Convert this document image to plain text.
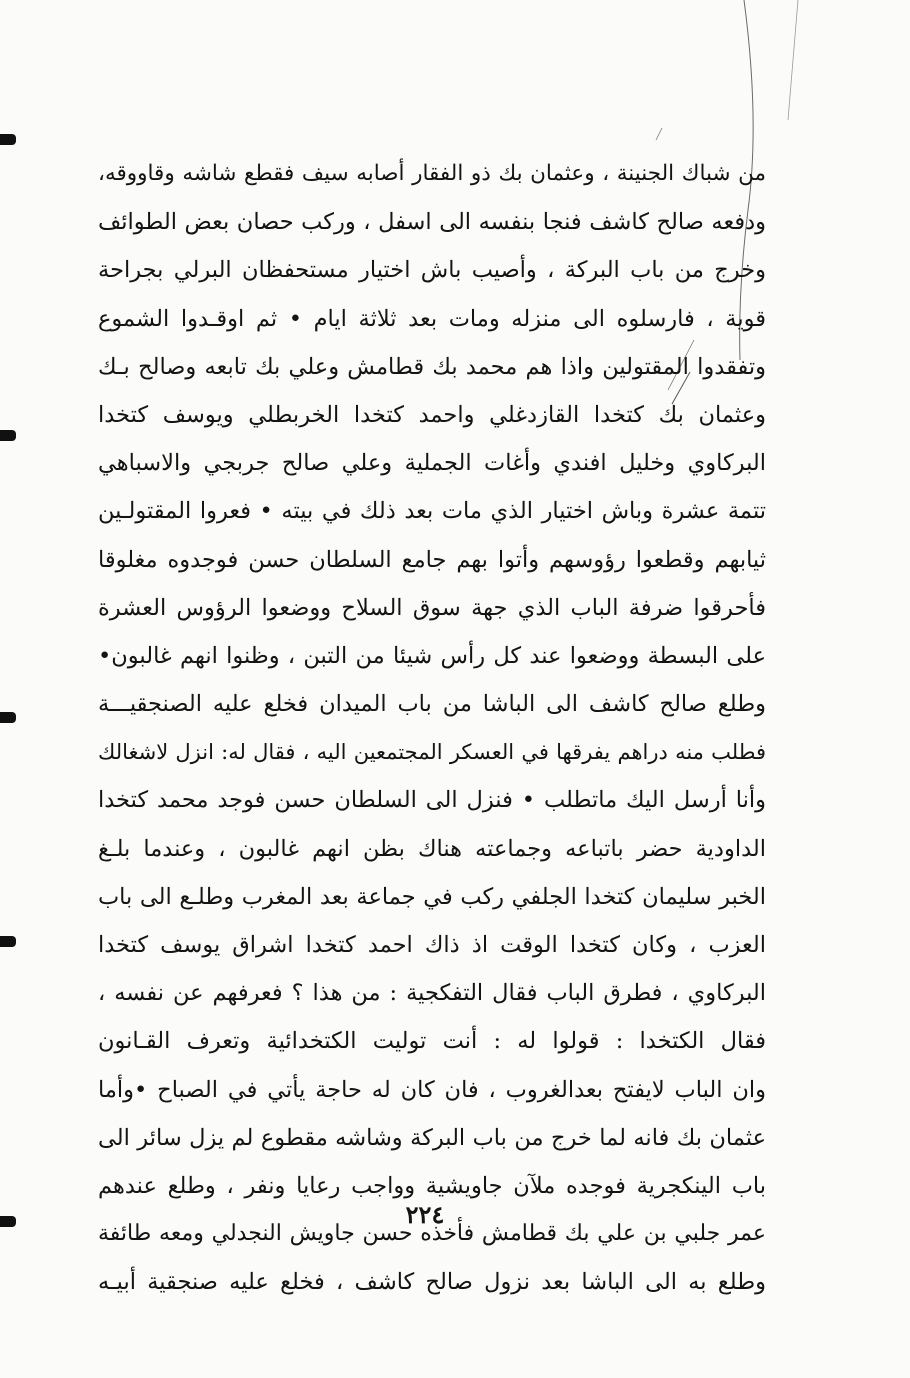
من شباك الجنينة ، وعثمان بك ذو الفقار أصابه سيف فقطع شاشه وقاووقه،
ودفعه صالح كاشف فنجا بنفسه الى اسفل ، وركب حصان بعض الطوائف
وخرج من باب البركة ، وأصيب باش اختيار مستحفظان البرلي بجراحة
قوية ، فارسلوه الى منزله ومات بعد ثلاثة ايام • ثم اوقـدوا الشموع
وتفقدوا المقتولين واذا هم محمد بك قطامش وعلي بك تابعه وصالح بـك
وعثمان بك كتخدا القازدغلي واحمد كتخدا الخربطلي ويوسف كتخدا
البركاوي وخليل افندي وأغات الجملية وعلي صالح جربجي والاسباهي
تتمة عشرة وباش اختيار الذي مات بعد ذلك في بيته • فعروا المقتولـين
ثيابهم وقطعوا رؤوسهم وأتوا بهم جامع السلطان حسن فوجدوه مغلوقا
فأحرقوا ضرفة الباب الذي جهة سوق السلاح ووضعوا الرؤوس العشرة
على البسطة ووضعوا عند كل رأس شيئا من التبن ، وظنوا انهم غالبون•
وطلع صالح كاشف الى الباشا من باب الميدان فخلع عليه الصنجقيـــة
فطلب منه دراهم يفرقها في العسكر المجتمعين اليه ، فقال له: انزل لاشغالك
وأنا أرسل اليك ماتطلب • فنزل الى السلطان حسن فوجد محمد كتخدا
الداودية حضر باتباعه وجماعته هناك بظن انهم غالبون ، وعندما بلـغ
الخبر سليمان كتخدا الجلفي ركب في جماعة بعد المغرب وطلـع الى باب
العزب ، وكان كتخدا الوقت اذ ذاك احمد كتخدا اشراق يوسف كتخدا
البركاوي ، فطرق الباب فقال التفكجية : من هذا ؟ فعرفهم عن نفسه ،
فقال الكتخدا : قولوا له : أنت توليت الكتخدائية وتعرف القـانون
وان الباب لايفتح بعدالغروب ، فان كان له حاجة يأتي في الصباح •وأما
عثمان بك فانه لما خرج من باب البركة وشاشه مقطوع لم يزل سائر الى
باب الينكجرية فوجده ملآن جاويشية وواجب رعايا ونفر ، وطلع عندهم
عمر جلبي بن علي بك قطامش فأخذه حسن جاويش النجدلي ومعه طائفة
وطلع به الى الباشا بعد نزول صالح كاشف ، فخلع عليه صنجقية أبيـه
٢٢٤
